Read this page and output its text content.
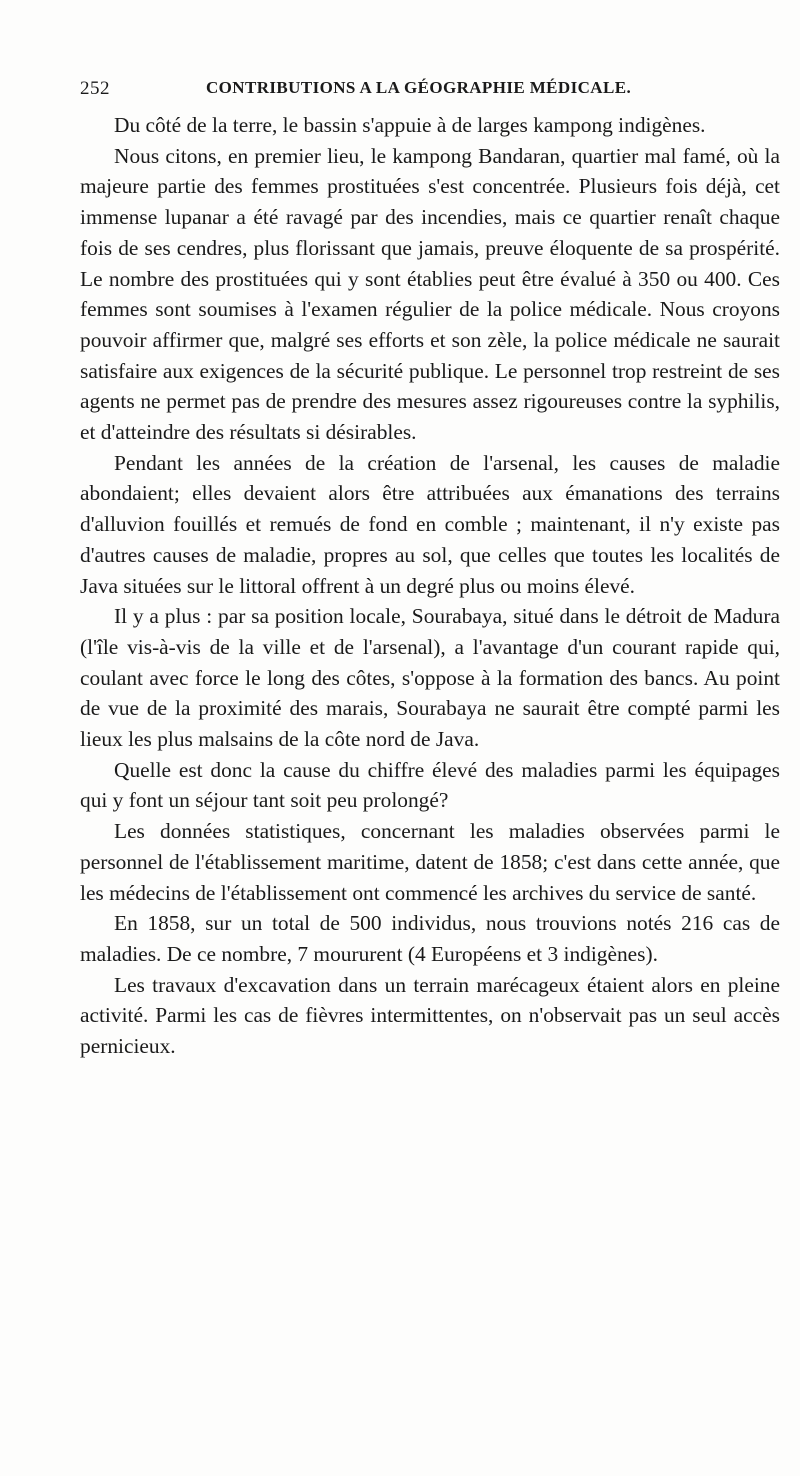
252	CONTRIBUTIONS A LA GÉOGRAPHIE MÉDICALE.

Du côté de la terre, le bassin s'appuie à de larges kampong indigènes.

Nous citons, en premier lieu, le kampong Bandaran, quartier mal famé, où la majeure partie des femmes prostituées s'est concentrée. Plusieurs fois déjà, cet immense lupanar a été ravagé par des incendies, mais ce quartier renaît chaque fois de ses cendres, plus florissant que jamais, preuve éloquente de sa prospérité. Le nombre des prostituées qui y sont établies peut être évalué à 350 ou 400. Ces femmes sont soumises à l'examen régulier de la police médicale. Nous croyons pouvoir affirmer que, malgré ses efforts et son zèle, la police médicale ne saurait satisfaire aux exigences de la sécurité publique. Le personnel trop restreint de ses agents ne permet pas de prendre des mesures assez rigoureuses contre la syphilis, et d'atteindre des résultats si désirables.

Pendant les années de la création de l'arsenal, les causes de maladie abondaient; elles devaient alors être attribuées aux émanations des terrains d'alluvion fouillés et remués de fond en comble ; maintenant, il n'y existe pas d'autres causes de maladie, propres au sol, que celles que toutes les localités de Java situées sur le littoral offrent à un degré plus ou moins élevé.

Il y a plus : par sa position locale, Sourabaya, situé dans le détroit de Madura (l'île vis-à-vis de la ville et de l'arsenal), a l'avantage d'un courant rapide qui, coulant avec force le long des côtes, s'oppose à la formation des bancs. Au point de vue de la proximité des marais, Sourabaya ne saurait être compté parmi les lieux les plus malsains de la côte nord de Java.

Quelle est donc la cause du chiffre élevé des maladies parmi les équipages qui y font un séjour tant soit peu prolongé?

Les données statistiques, concernant les maladies observées parmi le personnel de l'établissement maritime, datent de 1858; c'est dans cette année, que les médecins de l'établissement ont commencé les archives du service de santé.

En 1858, sur un total de 500 individus, nous trouvions notés 216 cas de maladies. De ce nombre, 7 moururent (4 Européens et 3 indigènes).

Les travaux d'excavation dans un terrain marécageux étaient alors en pleine activité. Parmi les cas de fièvres intermittentes, on n'observait pas un seul accès pernicieux.
